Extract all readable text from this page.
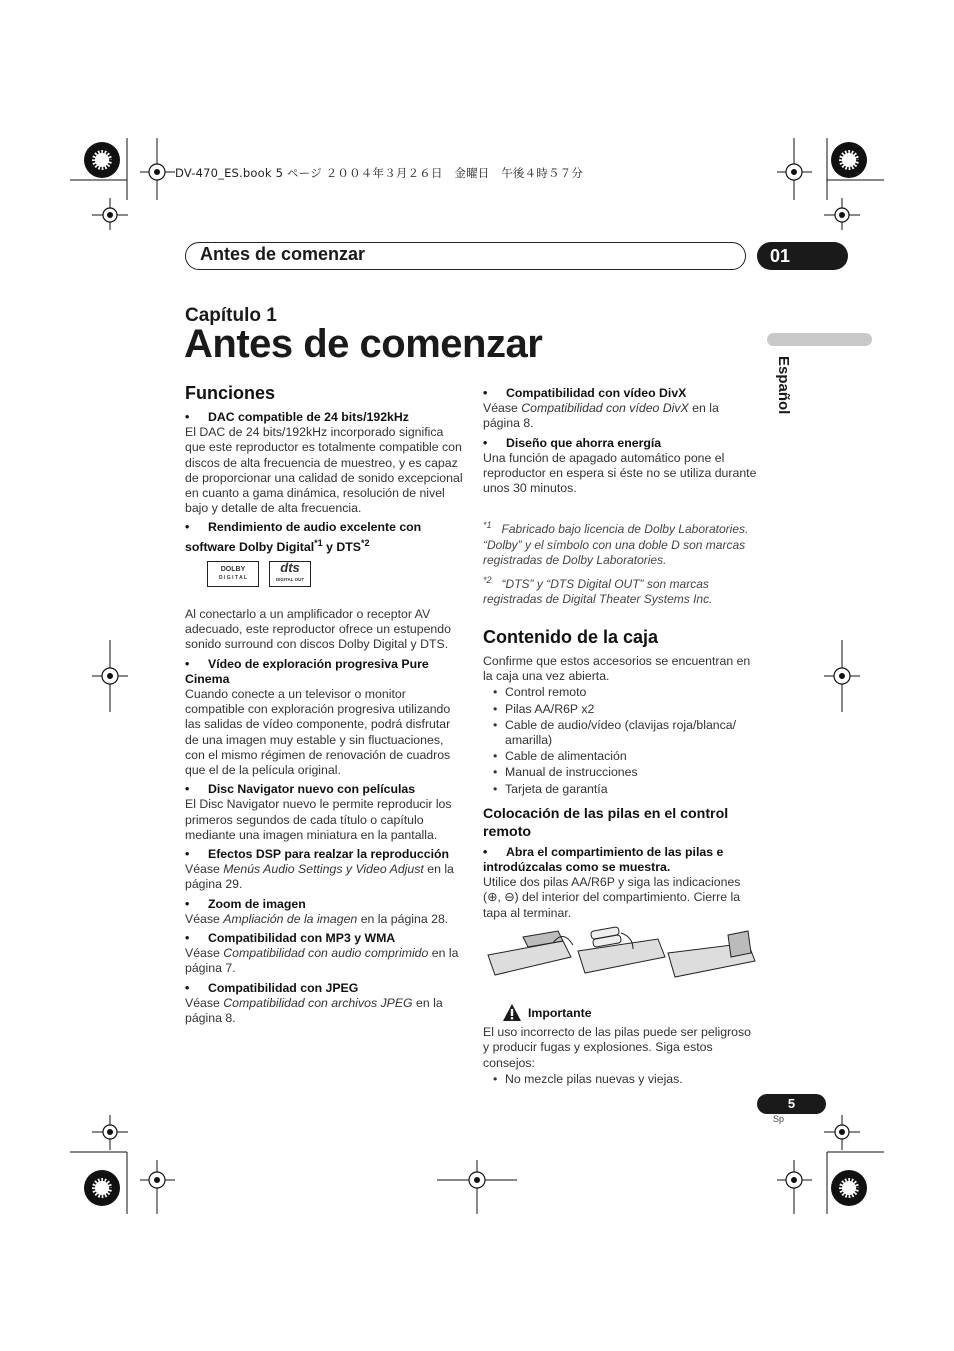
DV-470_ES.book 5 ページ ２００４年３月２６日　金曜日　午後４時５７分
Antes de comenzar	01
Español
Capítulo 1
Antes de comenzar
Funciones
• DAC compatible de 24 bits/192kHz

El DAC de 24 bits/192kHz incorporado significa que este reproductor es totalmente compatible con discos de alta frecuencia de muestreo, y es capaz de proporcionar una calidad de sonido excepcional en cuanto a gama dinámica, resolución de nivel bajo y detalle de alta frecuencia.

• Rendimiento de audio excelente con software Dolby Digital$^{*1}$ y DTS$^{*2}$
DOLBY
D I G I T A L
dts
DIGITAL OUT

Al conectarlo a un amplificador o receptor AV adecuado, este reproductor ofrece un estupendo sonido surround con discos Dolby Digital y DTS.

• Vídeo de exploración progresiva Pure Cinema

Cuando conecte a un televisor o monitor compatible con exploración progresiva utilizando las salidas de vídeo componente, podrá disfrutar de una imagen muy estable y sin fluctuaciones, con el mismo régimen de renovación de cuadros que el de la película original.

• Disc Navigator nuevo con películas

El Disc Navigator nuevo le permite reproducir los primeros segundos de cada título o capítulo mediante una imagen miniatura en la pantalla.

• Efectos DSP para realzar la reproducción

Véase Menús Audio Settings y Video Adjust en la página 29.

• Zoom de imagen

Véase Ampliación de la imagen en la página 28.

• Compatibilidad con MP3 y WMA

Véase Compatibilidad con audio comprimido en la página 7.

• Compatibilidad con JPEG

Véase Compatibilidad con archivos JPEG en la página 8.

• Compatibilidad con vídeo DivX

Véase Compatibilidad con vídeo DivX en la página 8.

• Diseño que ahorra energía

Una función de apagado automático pone el reproductor en espera si éste no se utiliza durante unos 30 minutos.

$^{*1}$ Fabricado bajo licencia de Dolby Laboratories. “Dolby” y el símbolo con una doble D son marcas registradas de Dolby Laboratories.

$^{*2}$ “DTS” y “DTS Digital OUT” son marcas registradas de Digital Theater Systems Inc.

Contenido de la caja

Confirme que estos accesorios se encuentran en la caja una vez abierta.

• Control remoto
• Pilas AA/R6P x2
• Cable de audio/vídeo (clavijas roja/blanca/ amarilla)
• Cable de alimentación
• Manual de instrucciones
• Tarjeta de garantía
Colocación de las pilas en el control remoto
• Abra el compartimiento de las pilas e introdúzcalas como se muestra.

Utilice dos pilas AA/R6P y siga las indicaciones (⊕, ⊖) del interior del compartimiento. Cierre la tapa al terminar.

Importante

El uso incorrecto de las pilas puede ser peligroso y producir fugas y explosiones. Siga estos consejos:

• No mezcle pilas nuevas y viejas.
5
Sp
